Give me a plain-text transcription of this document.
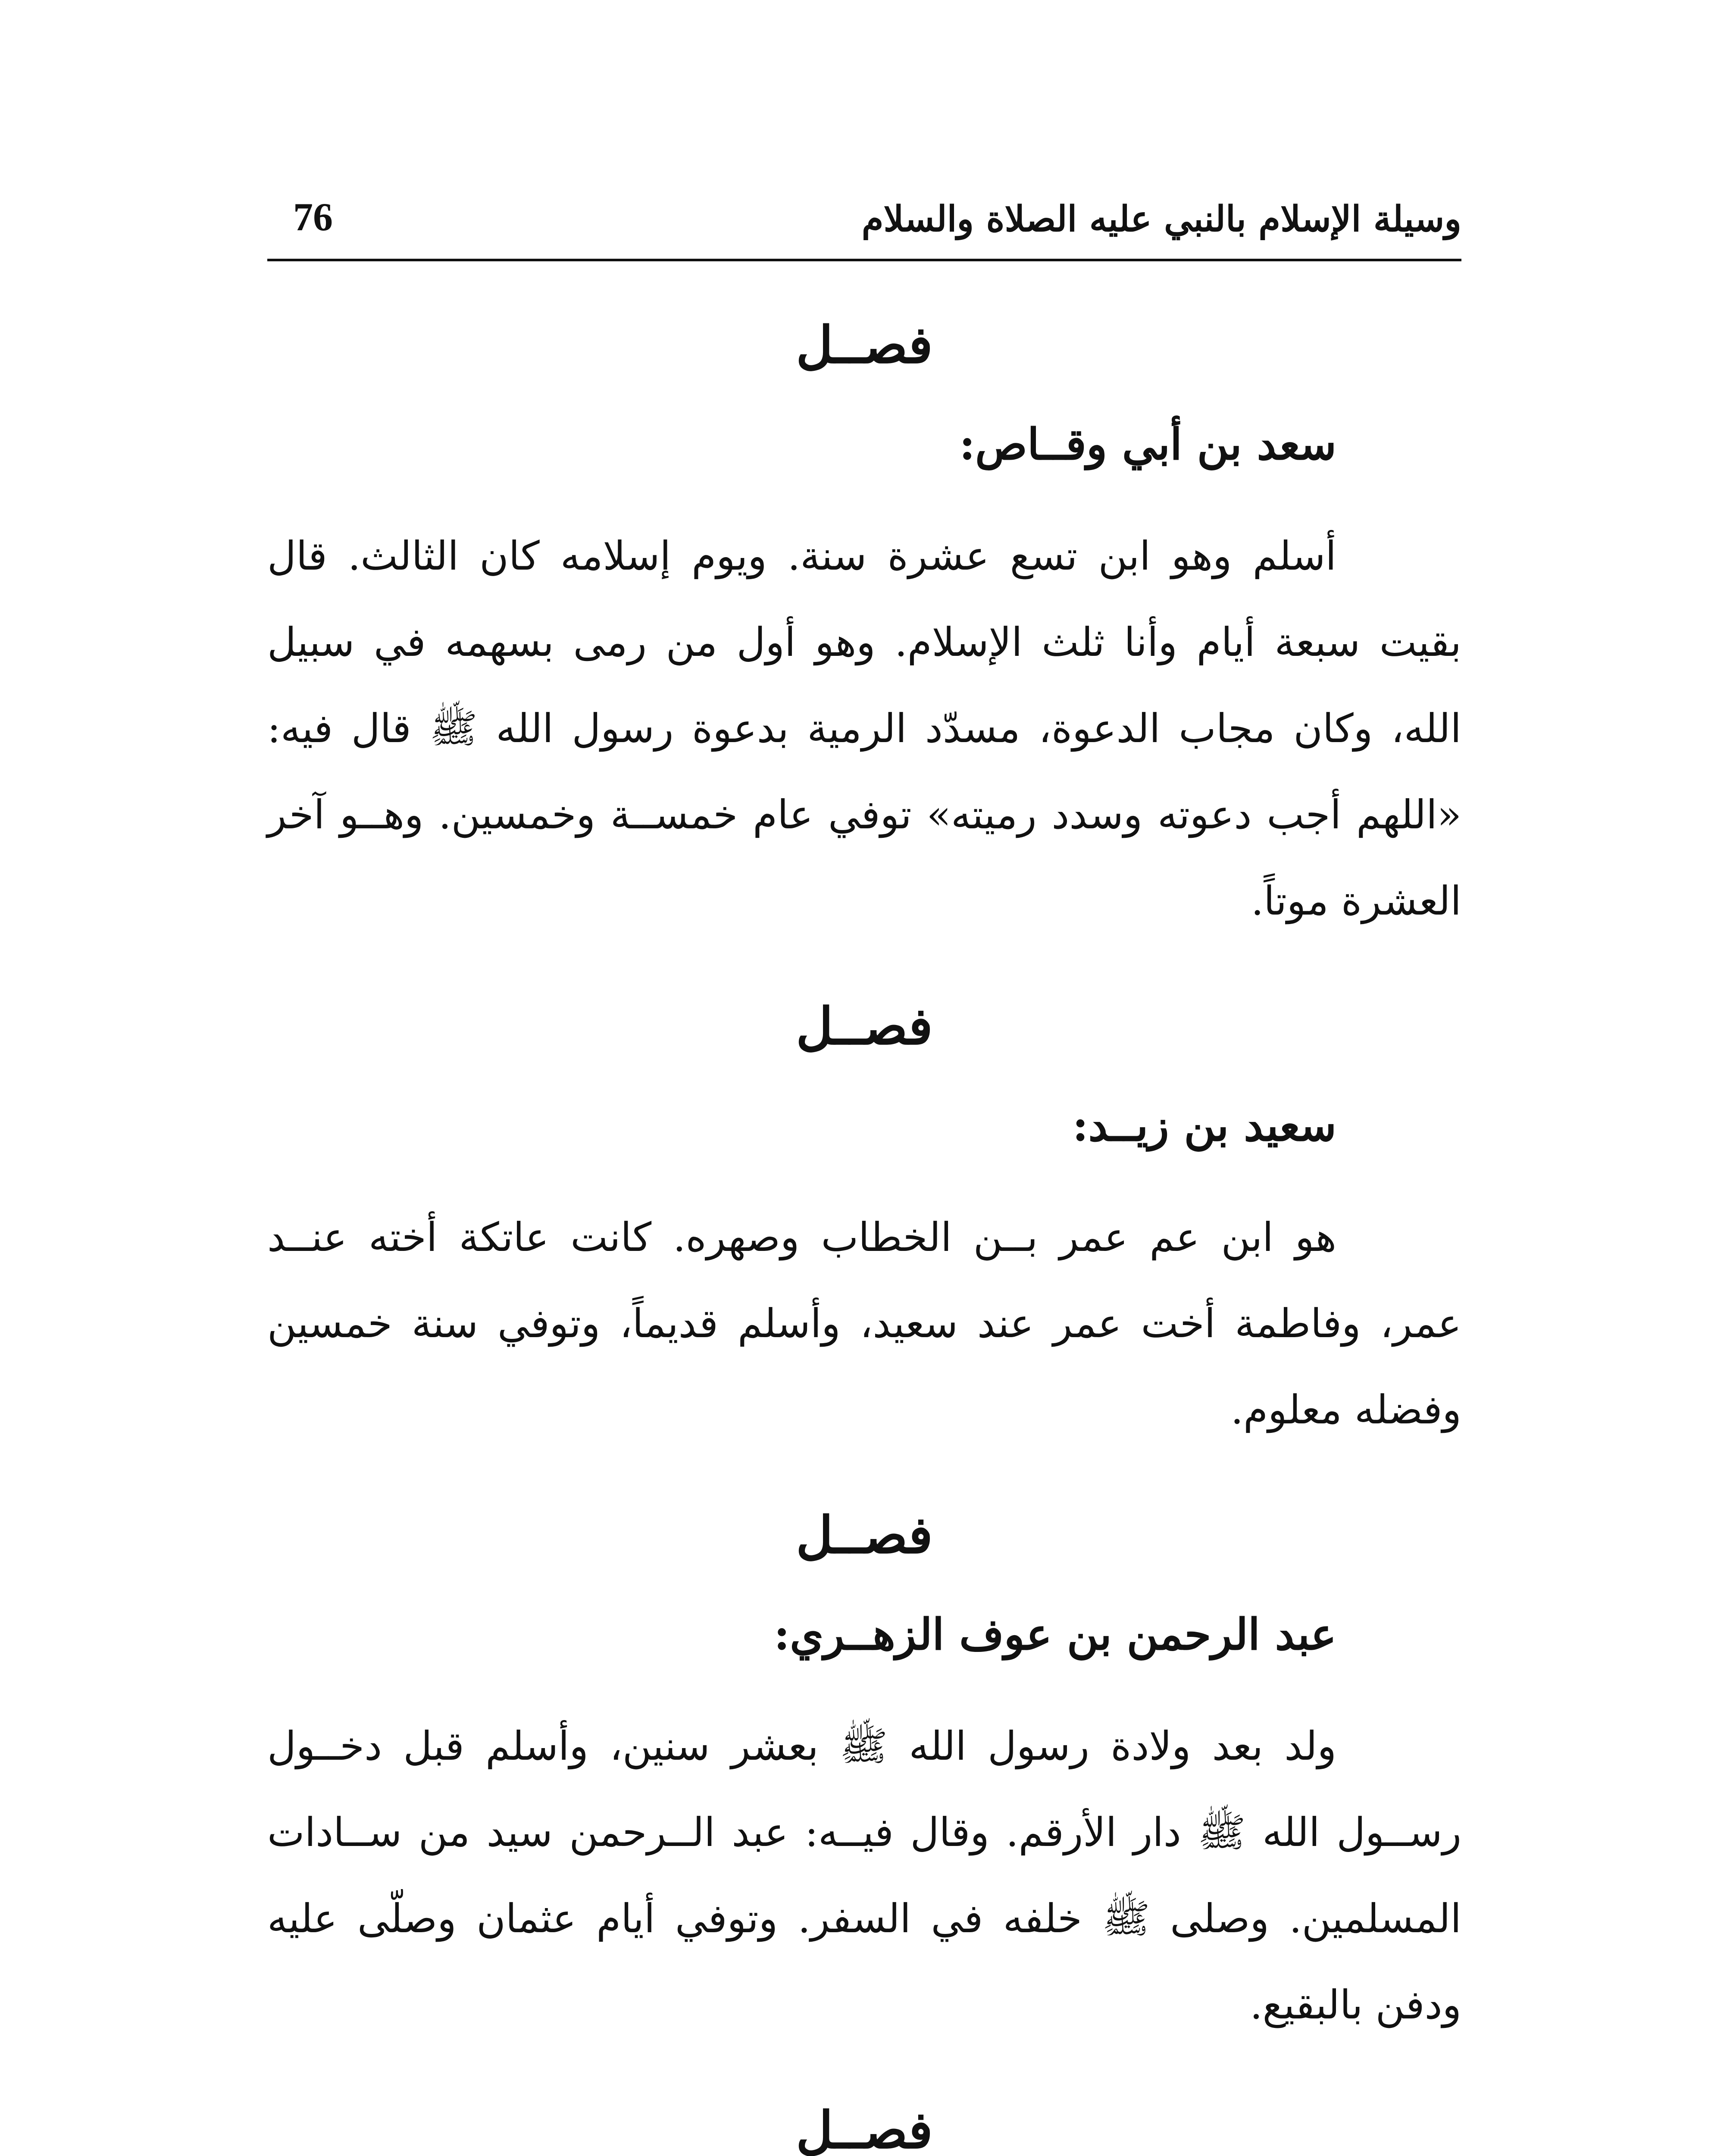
وسيلة الإسلام بالنبي عليه الصلاة والسلام
76
فصــل
سعد بن أبي وقــاص:

أسلم وهو ابن تسع عشرة سنة. ويوم إسلامه كان الثالث. قال بقيت سبعة أيام وأنا ثلث الإسلام. وهو أول من رمى بسهمه في سبيل الله، وكان مجاب الدعوة، مسدّد الرمية بدعوة رسول الله ﷺ قال فيه: «اللهم أجب دعوته وسدد رميته» توفي عام خمســة وخمسين. وهــو آخر العشرة موتاً.

فصــل
سعيد بن زيــد:

هو ابن عم عمر بــن الخطاب وصهره. كانت عاتكة أخته عنــد عمر، وفاطمة أخت عمر عند سعيد، وأسلم قديماً، وتوفي سنة خمسين وفضله معلوم.

فصــل
عبد الرحمن بن عوف الزهــري:

ولد بعد ولادة رسول الله ﷺ بعشر سنين، وأسلم قبل دخــول رســول الله ﷺ دار الأرقم. وقال فيــه: عبد الــرحمن سيد من ســادات المسلمين. وصلى ﷺ خلفه في السفر. وتوفي أيام عثمان وصلّى عليه ودفن بالبقيع.

فصــل
